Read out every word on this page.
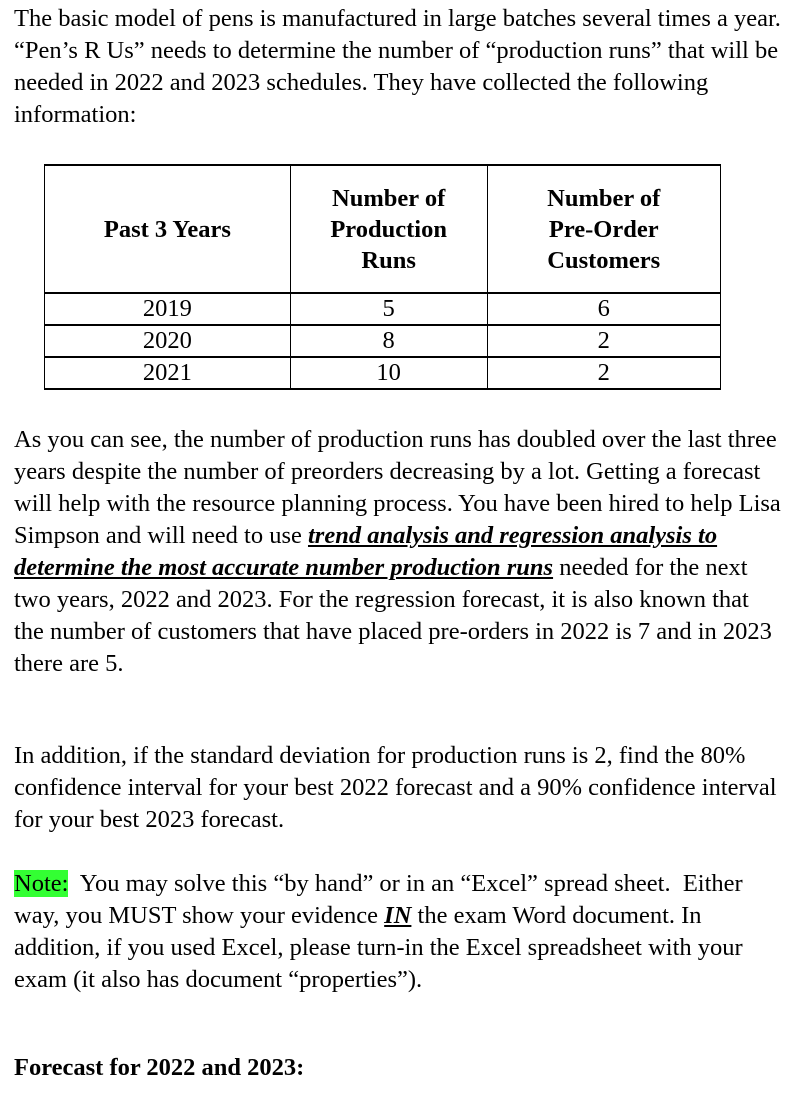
The basic model of pens is manufactured in large batches several times a year. “Pen’s R Us” needs to determine the number of “production runs” that will be needed in 2022 and 2023 schedules. They have collected the following information:

Past 3 Years	Number of Production Runs	Number of Pre-Order Customers

2019	5	6
2020	8	2
2021	10	2

As you can see, the number of production runs has doubled over the last three years despite the number of preorders decreasing by a lot. Getting a forecast will help with the resource planning process. You have been hired to help Lisa Simpson and will need to use trend analysis and regression analysis to determine the most accurate number production runs needed for the next two years, 2022 and 2023. For the regression forecast, it is also known that the number of customers that have placed pre-orders in 2022 is 7 and in 2023 there are 5.

In addition, if the standard deviation for production runs is 2, find the 80% confidence interval for your best 2022 forecast and a 90% confidence interval for your best 2023 forecast.

Note:  You may solve this “by hand” or in an “Excel” spread sheet.  Either way, you MUST show your evidence IN the exam Word document. In addition, if you used Excel, please turn-in the Excel spreadsheet with your exam (it also has document “properties”).

Forecast for 2022 and 2023:
